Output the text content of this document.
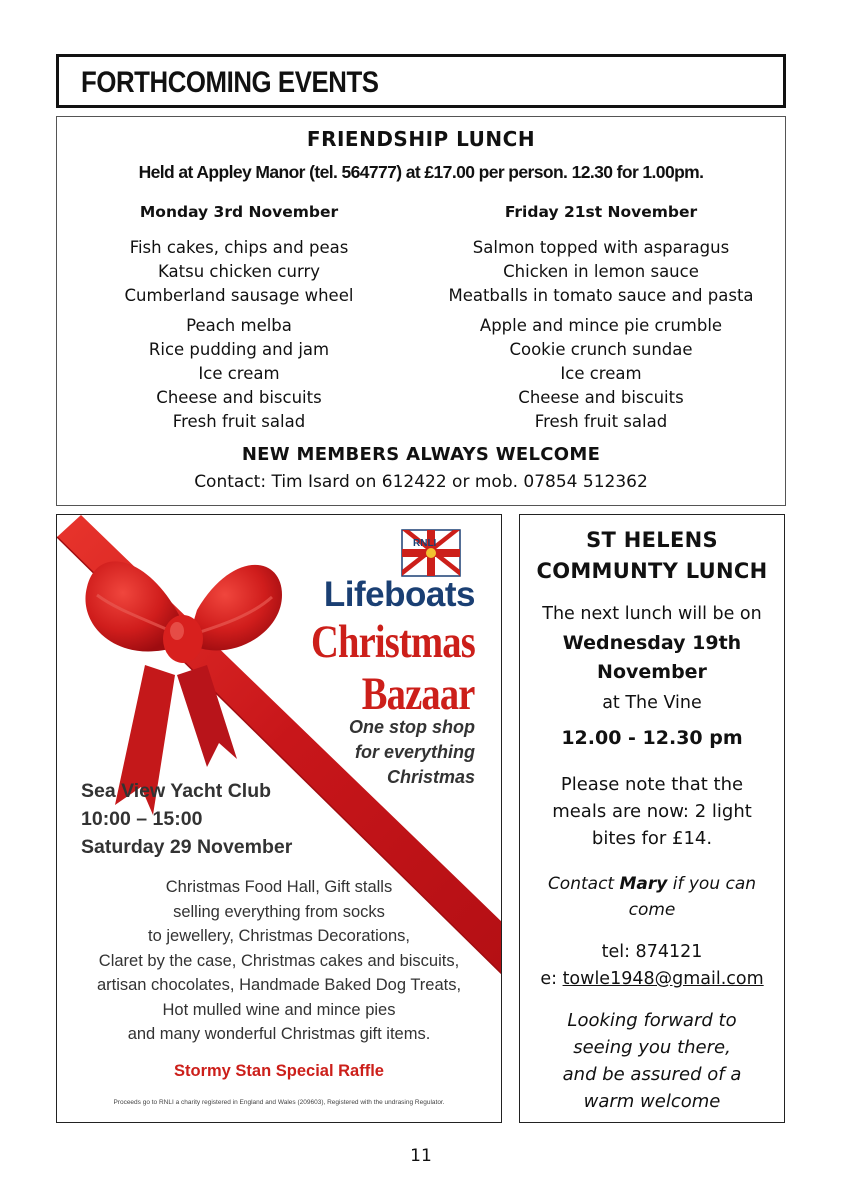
FORTHCOMING EVENTS
FRIENDSHIP LUNCH
Held at Appley Manor (tel. 564777) at £17.00 per person. 12.30 for 1.00pm.
Monday 3rd November
Fish cakes, chips and peas
Katsu chicken curry
Cumberland sausage wheel
Peach melba
Rice pudding and jam
Ice cream
Cheese and biscuits
Fresh fruit salad
Friday 21st November
Salmon topped with asparagus
Chicken in lemon sauce
Meatballs in tomato sauce and pasta
Apple and mince pie crumble
Cookie crunch sundae
Ice cream
Cheese and biscuits
Fresh fruit salad
NEW MEMBERS ALWAYS WELCOME
Contact: Tim Isard on 612422 or mob. 07854 512362
RNLI
Lifeboats
Christmas
Bazaar
One stop shop
for everything
Christmas
Sea View Yacht Club
10:00 – 15:00
Saturday 29 November
Christmas Food Hall, Gift stalls
selling everything from socks
to jewellery, Christmas Decorations,
Claret by the case, Christmas cakes and biscuits,
artisan chocolates, Handmade Baked Dog Treats,
Hot mulled wine and mince pies
and many wonderful Christmas gift items.
Stormy Stan Special Raffle
Proceeds go to RNLI a charity registered in England and Wales (209603), Registered with the undrasing Regulator.
ST HELENS
COMMUNTY LUNCH
The next lunch will be on
Wednesday 19th
November
at The Vine
12.00 - 12.30 pm
Please note that the
meals are now: 2 light
bites for £14.
Contact Mary if you can come
tel: 874121
e: towle1948@gmail.com
Looking forward to
seeing you there,
and be assured of a
warm welcome
11
